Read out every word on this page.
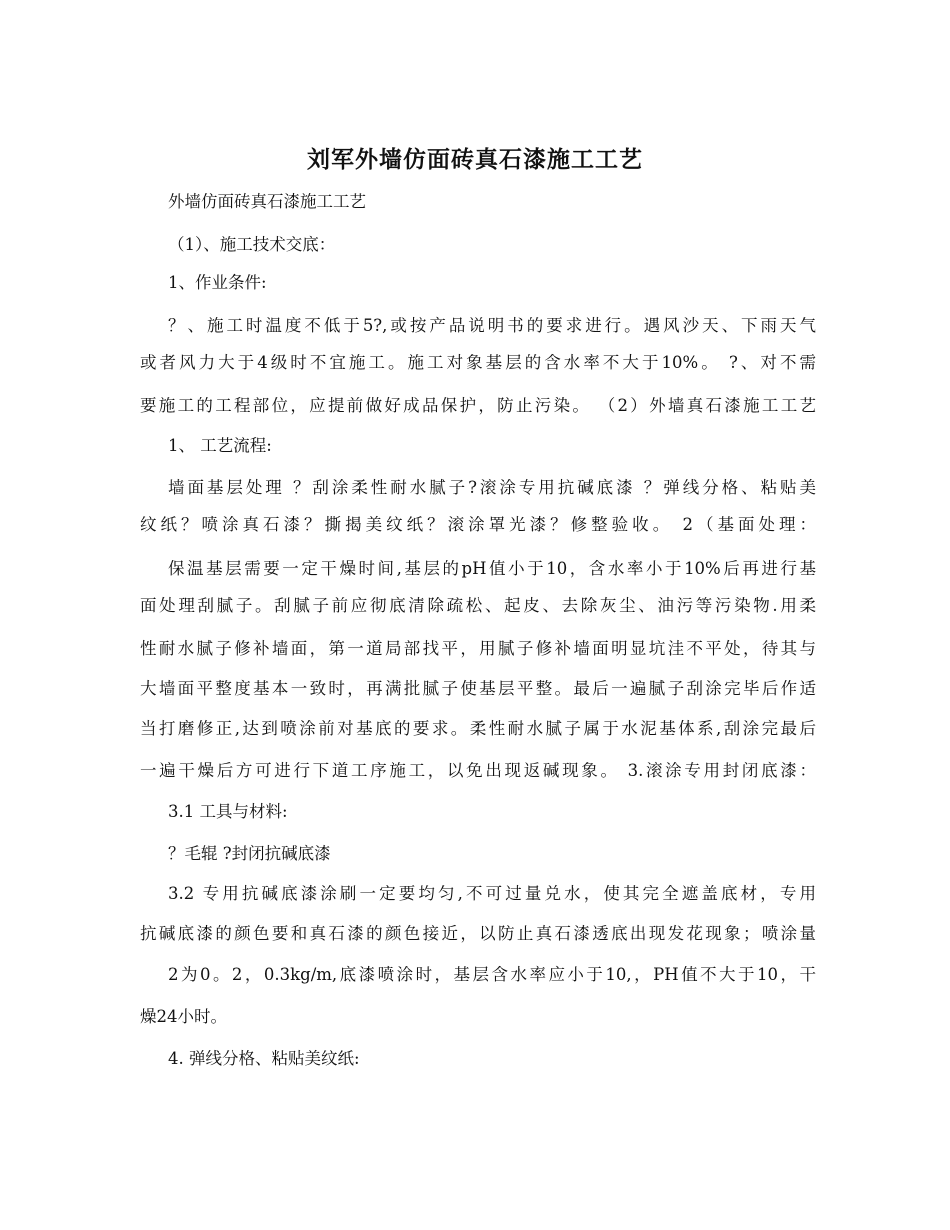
刘军外墙仿面砖真石漆施工工艺
外墙仿面砖真石漆施工工艺
（1）、施工技术交底：
1、作业条件:
？、施工时温度不低于5?,或按产品说明书的要求进行。遇风沙天、下雨天气
或者风力大于4级时不宜施工。施工对象基层的含水率不大于10%。 ?、对不需
要施工的工程部位，应提前做好成品保护，防止污染。 （2）外墙真石漆施工工艺
1、 工艺流程:
墙面基层处理 ？刮涂柔性耐水腻子?滚涂专用抗碱底漆 ？弹线分格、粘贴美
纹纸？喷涂真石漆？撕揭美纹纸？滚涂罩光漆？修整验收。 2（基面处理：
保温基层需要一定干燥时间,基层的pH值小于10，含水率小于10%后再进行基
面处理刮腻子。刮腻子前应彻底清除疏松、起皮、去除灰尘、油污等污染物.用柔
性耐水腻子修补墙面，第一道局部找平，用腻子修补墙面明显坑洼不平处，待其与
大墙面平整度基本一致时，再满批腻子使基层平整。最后一遍腻子刮涂完毕后作适
当打磨修正,达到喷涂前对基底的要求。柔性耐水腻子属于水泥基体系,刮涂完最后
一遍干燥后方可进行下道工序施工，以免出现返碱现象。 3.滚涂专用封闭底漆：
3.1 工具与材料:
？毛辊 ?封闭抗碱底漆
3.2 专用抗碱底漆涂刷一定要均匀,不可过量兑水，使其完全遮盖底材，专用
抗碱底漆的颜色要和真石漆的颜色接近，以防止真石漆透底出现发花现象；喷涂量
2为0。2，0.3kg/m,底漆喷涂时，基层含水率应小于10,，PH值不大于10，干
燥24小时。
4. 弹线分格、粘贴美纹纸:
